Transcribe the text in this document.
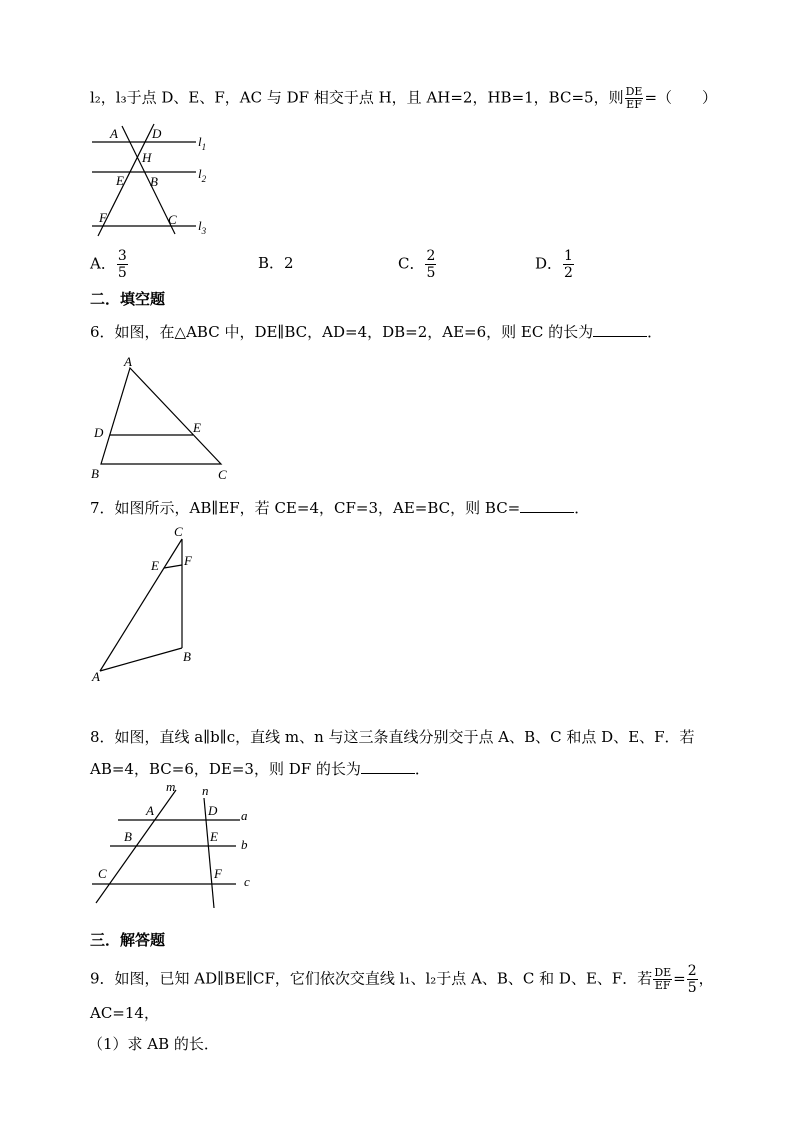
l₂，l₃于点 D、E、F，AC 与 DF 相交于点 H，且 AH=2，HB=1，BC=5，则 $\frac{DE}{EF}$ =（　　）
A	D
H
E B
F	C
$l_1$
$l_2$
$l_3$
A
D	E
B	C
C
E F
A
B
m n
A	D a
B	E
b
C	F
c
A． $\frac{3}{5}$	B．2	C． $\frac{2}{5}$	D． $\frac{1}{2}$
二．填空题
6．如图，在△ABC 中，DE∥BC，AD=4，DB=2，AE=6，则 EC 的长为	．
7．如图所示，AB∥EF，若 CE=4，CF=3，AE=BC，则 BC=	．
8．如图，直线 a∥b∥c，直线 m、n 与这三条直线分别交于点 A、B、C 和点 D、E、F．若
AB=4，BC=6，DE=3，则 DF 的长为	．
三．解答题
9．如图，已知 AD∥BE∥CF，它们依次交直线 l₁、l₂于点 A、B、C 和 D、E、F．若 $\frac{DE}{EF} = \frac{2}{5}$ ，
AC=14，
（1）求 AB 的长．
